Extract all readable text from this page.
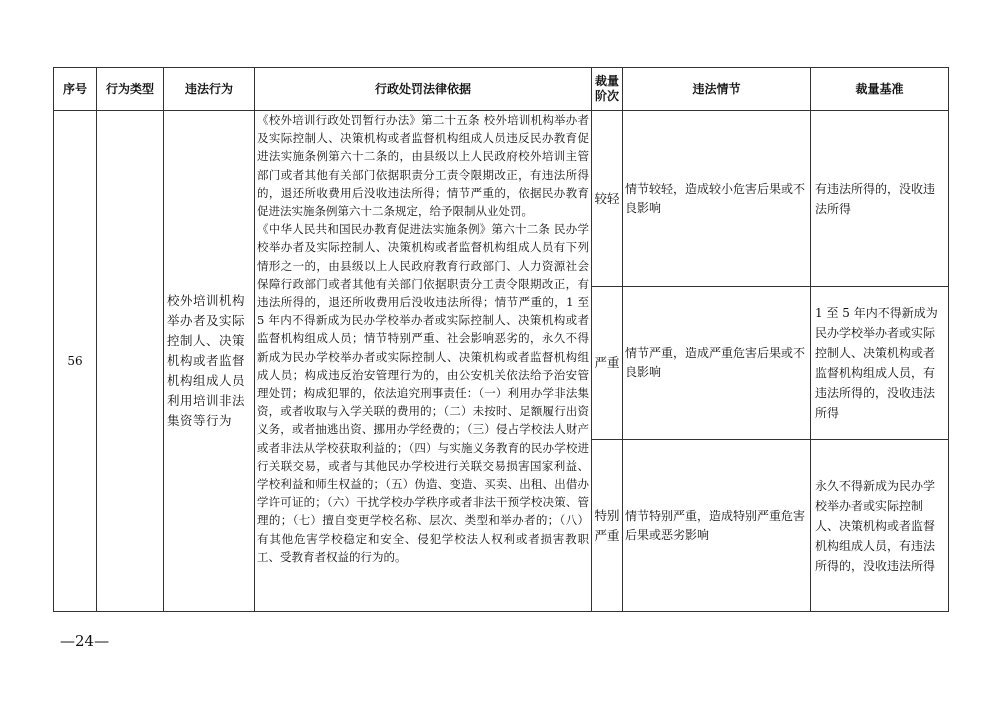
序号	行为类型	违法行为	行政处罚法律依据	裁量阶次	违法情节	裁量基准
56		校外培训机构举办者及实际控制人、决策机构或者监督机构组成人员利用培训非法集资等行为	《校外培训行政处罚暂行办法》第二十五条 校外培训机构举办者及实际控制人、决策机构或者监督机构组成人员违反民办教育促进法实施条例第六十二条的，由县级以上人民政府校外培训主管部门或者其他有关部门依据职责分工责令限期改正，有违法所得的，退还所收费用后没收违法所得；情节严重的，依据民办教育促进法实施条例第六十二条规定，给予限制从业处罚。

《中华人民共和国民办教育促进法实施条例》第六十二条 民办学校举办者及实际控制人、决策机构或者监督机构组成人员有下列情形之一的，由县级以上人民政府教育行政部门、人力资源社会保障行政部门或者其他有关部门依据职责分工责令限期改正，有违法所得的，退还所收费用后没收违法所得；情节严重的，1 至 5 年内不得新成为民办学校举办者或实际控制人、决策机构或者监督机构组成人员；情节特别严重、社会影响恶劣的，永久不得新成为民办学校举办者或实际控制人、决策机构或者监督机构组成人员；构成违反治安管理行为的，由公安机关依法给予治安管理处罚；构成犯罪的，依法追究刑事责任：（一）利用办学非法集资，或者收取与入学关联的费用的；（二）未按时、足额履行出资义务，或者抽逃出资、挪用办学经费的；（三）侵占学校法人财产或者非法从学校获取利益的；（四）与实施义务教育的民办学校进行关联交易，或者与其他民办学校进行关联交易损害国家利益、学校利益和师生权益的；（五）伪造、变造、买卖、出租、出借办学许可证的；（六）干扰学校办学秩序或者非法干预学校决策、管理的；（七）擅自变更学校名称、层次、类型和举办者的；（八）有其他危害学校稳定和安全、侵犯学校法人权利或者损害教职工、受教育者权益的行为的。	较轻	情节较轻，造成较小危害后果或不良影响	有违法所得的，没收违法所得
				严重	情节严重，造成严重危害后果或不良影响	1 至 5 年内不得新成为民办学校举办者或实际控制人、决策机构或者监督机构组成人员，有违法所得的，没收违法所得
				特别严重	情节特别严重，造成特别严重危害后果或恶劣影响	永久不得新成为民办学校举办者或实际控制人、决策机构或者监督机构组成人员，有违法所得的，没收违法所得
—24—
